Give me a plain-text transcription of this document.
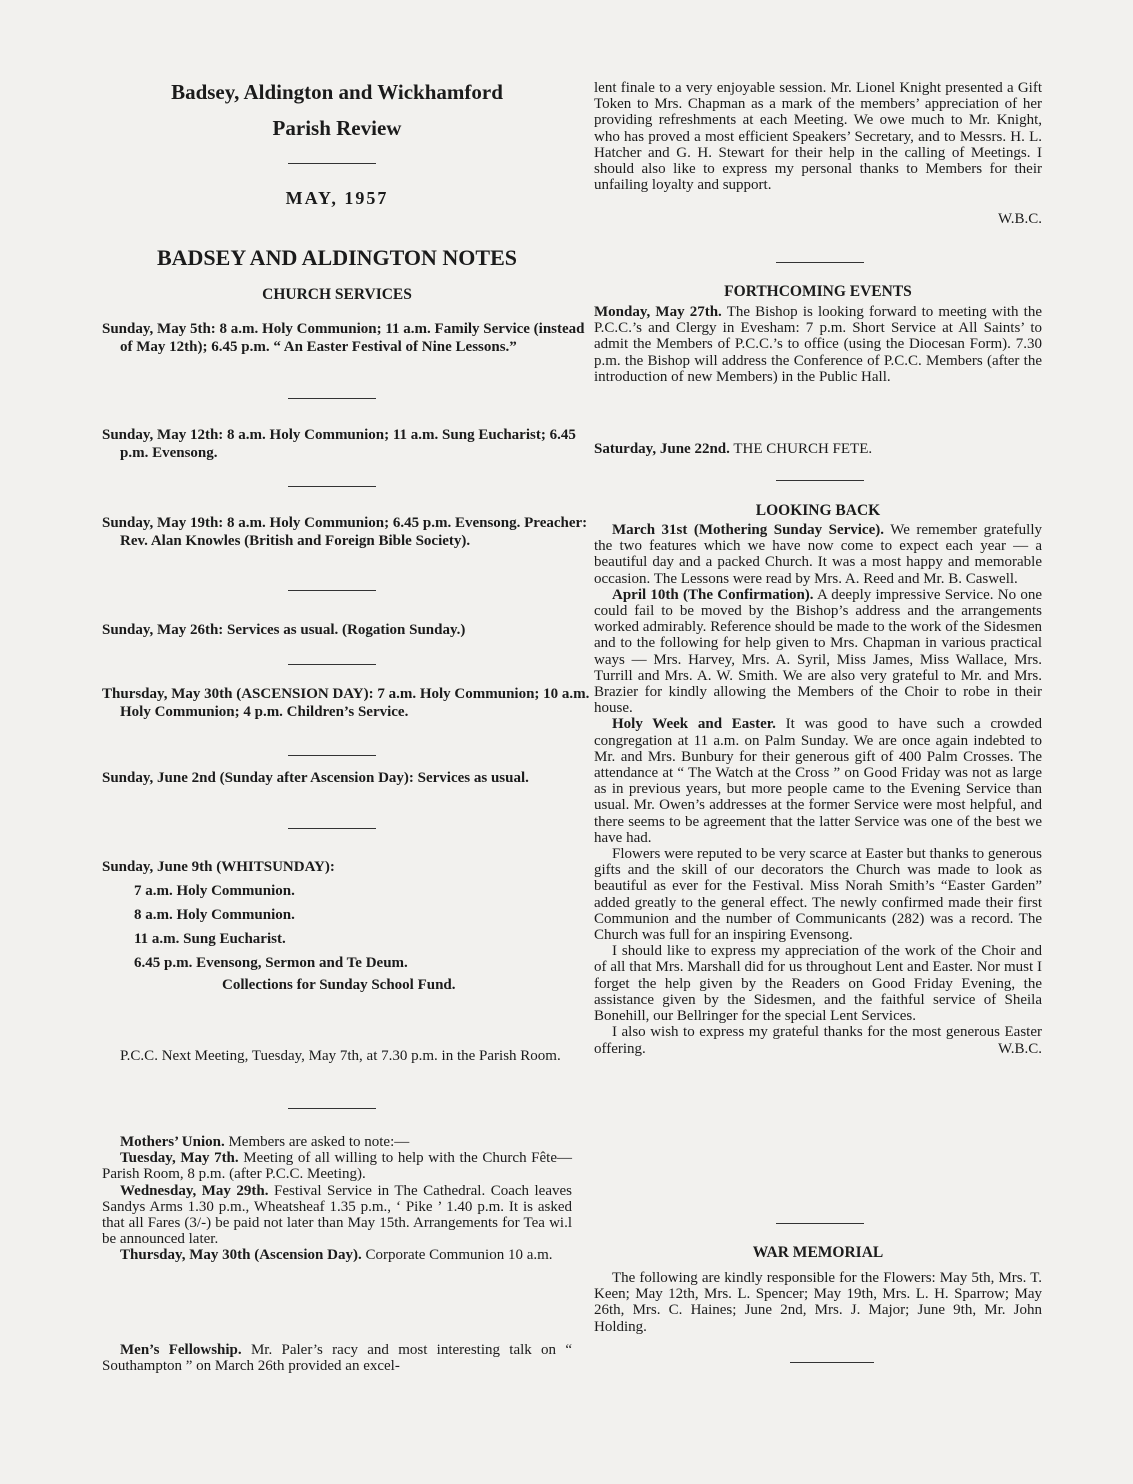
Badsey, Aldington and Wickhamford
Parish Review
MAY, 1957
BADSEY AND ALDINGTON NOTES
CHURCH SERVICES
Sunday, May 5th: 8 a.m. Holy Communion; 11 a.m. Family Service (instead of May 12th); 6.45 p.m. “ An Easter Festival of Nine Lessons.”
Sunday, May 12th: 8 a.m. Holy Communion; 11 a.m. Sung Eucharist; 6.45 p.m. Evensong.
Sunday, May 19th: 8 a.m. Holy Communion; 6.45 p.m. Evensong. Preacher: Rev. Alan Knowles (British and Foreign Bible Society).
Sunday, May 26th: Services as usual. (Rogation Sunday.)
Thursday, May 30th (ASCENSION DAY): 7 a.m. Holy Communion; 10 a.m. Holy Communion; 4 p.m. Children’s Service.
Sunday, June 2nd (Sunday after Ascension Day): Services as usual.
Sunday, June 9th (WHITSUNDAY):
7 a.m. Holy Communion.
8 a.m. Holy Communion.
11 a.m. Sung Eucharist.
6.45 p.m. Evensong, Sermon and Te Deum.
Collections for Sunday School Fund.
P.C.C. Next Meeting, Tuesday, May 7th, at 7.30 p.m. in the Parish Room.
Mothers’ Union. Members are asked to note:—
Tuesday, May 7th. Meeting of all willing to help with the Church Fête—Parish Room, 8 p.m. (after P.C.C. Meeting).
Wednesday, May 29th. Festival Service in The Cathedral. Coach leaves Sandys Arms 1.30 p.m., Wheatsheaf 1.35 p.m., ‘ Pike ’ 1.40 p.m. It is asked that all Fares (3/-) be paid not later than May 15th. Arrangements for Tea wi.l be announced later.
Thursday, May 30th (Ascension Day). Corporate Communion 10 a.m.
Men’s Fellowship. Mr. Paler’s racy and most interesting talk on “ Southampton ” on March 26th provided an excel-
lent finale to a very enjoyable session. Mr. Lionel Knight presented a Gift Token to Mrs. Chapman as a mark of the members’ appreciation of her providing refreshments at each Meeting. We owe much to Mr. Knight, who has proved a most efficient Speakers’ Secretary, and to Messrs. H. L. Hatcher and G. H. Stewart for their help in the calling of Meetings. I should also like to express my personal thanks to Members for their unfailing loyalty and support.
W.B.C.
FORTHCOMING EVENTS
Monday, May 27th. The Bishop is looking forward to meeting with the P.C.C.’s and Clergy in Evesham: 7 p.m. Short Service at All Saints’ to admit the Members of P.C.C.’s to office (using the Diocesan Form). 7.30 p.m. the Bishop will address the Conference of P.C.C. Members (after the introduction of new Members) in the Public Hall.
Saturday, June 22nd. THE CHURCH FETE.
LOOKING BACK
March 31st (Mothering Sunday Service). We remember gratefully the two features which we have now come to expect each year — a beautiful day and a packed Church. It was a most happy and memorable occasion. The Lessons were read by Mrs. A. Reed and Mr. B. Caswell.
April 10th (The Confirmation). A deeply impressive Service. No one could fail to be moved by the Bishop’s address and the arrangements worked admirably. Reference should be made to the work of the Sidesmen and to the following for help given to Mrs. Chapman in various practical ways — Mrs. Harvey, Mrs. A. Syril, Miss James, Miss Wallace, Mrs. Turrill and Mrs. A. W. Smith. We are also very grateful to Mr. and Mrs. Brazier for kindly allowing the Members of the Choir to robe in their house.
Holy Week and Easter. It was good to have such a crowded congregation at 11 a.m. on Palm Sunday. We are once again indebted to Mr. and Mrs. Bunbury for their generous gift of 400 Palm Crosses. The attendance at “ The Watch at the Cross ” on Good Friday was not as large as in previous years, but more people came to the Evening Service than usual. Mr. Owen’s addresses at the former Service were most helpful, and there seems to be agreement that the latter Service was one of the best we have had.
Flowers were reputed to be very scarce at Easter but thanks to generous gifts and the skill of our decorators the Church was made to look as beautiful as ever for the Festival. Miss Norah Smith’s “Easter Garden” added greatly to the general effect. The newly confirmed made their first Communion and the number of Communicants (282) was a record. The Church was full for an inspiring Evensong.
I should like to express my appreciation of the work of the Choir and of all that Mrs. Marshall did for us throughout Lent and Easter. Nor must I forget the help given by the Readers on Good Friday Evening, the assistance given by the Sidesmen, and the faithful service of Sheila Bonehill, our Bellringer for the special Lent Services.
I also wish to express my grateful thanks for the most generous Easter offering.	W.B.C.
WAR MEMORIAL
The following are kindly responsible for the Flowers: May 5th, Mrs. T. Keen; May 12th, Mrs. L. Spencer; May 19th, Mrs. L. H. Sparrow; May 26th, Mrs. C. Haines; June 2nd, Mrs. J. Major; June 9th, Mr. John Holding.
